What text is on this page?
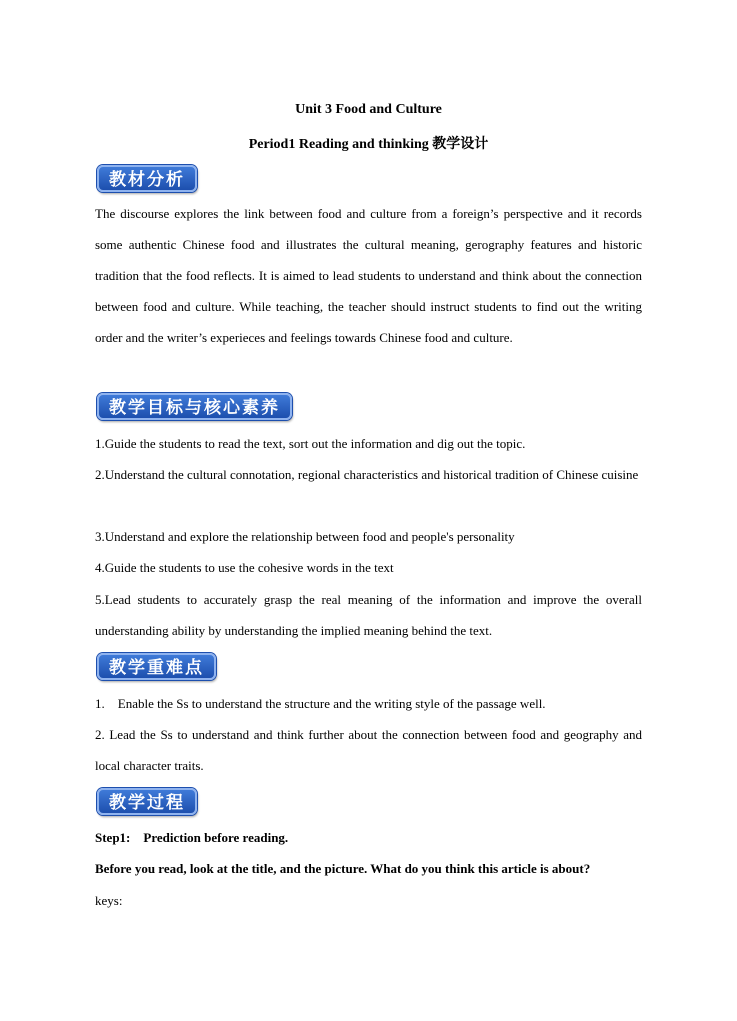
Unit 3 Food and Culture
Period1 Reading and thinking 教学设计
教材分析
The discourse explores the link between food and culture from a foreign’s perspective and it records some authentic Chinese food and illustrates the cultural meaning, gerography features and historic tradition that the food reflects. It is aimed to lead students to understand and think about the connection between food and culture. While teaching, the teacher should instruct students to find out the writing order and the writer’s experieces and feelings towards Chinese food and culture.
教学目标与核心素养
1.Guide the students to read the text, sort out the information and dig out the topic.
2.Understand the cultural connotation, regional characteristics and historical tradition of Chinese cuisine
3.Understand and explore the relationship between food and people's personality
4.Guide the students to use the cohesive words in the text
5.Lead students to accurately grasp the real meaning of the information and improve the overall understanding ability by understanding the implied meaning behind the text.
教学重难点
1.    Enable the Ss to understand the structure and the writing style of the passage well.
2. Lead the Ss to understand and think further about the connection between food and geography and local character traits.
教学过程
Step1:    Prediction before reading.
Before you read, look at the title, and the picture. What do you think this article is about?
keys:
